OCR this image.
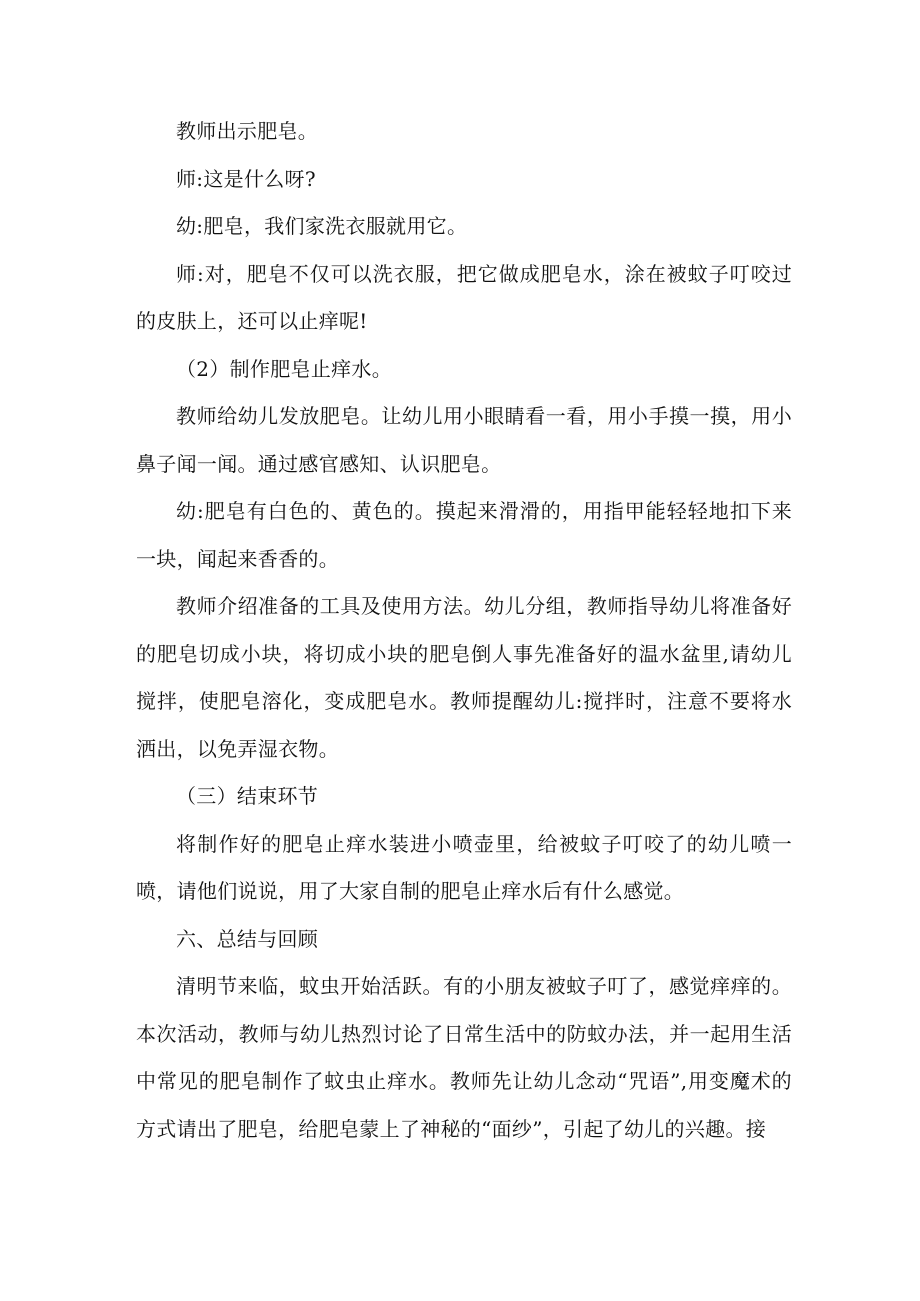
教师出示肥皂。

师:这是什么呀?

幼:肥皂，我们家洗衣服就用它。

师:对，肥皂不仅可以洗衣服，把它做成肥皂水，涂在被蚊子叮咬过的皮肤上，还可以止痒呢!

（2）制作肥皂止痒水。

教师给幼儿发放肥皂。让幼儿用小眼睛看一看，用小手摸一摸，用小鼻子闻一闻。通过感官感知、认识肥皂。

幼:肥皂有白色的、黄色的。摸起来滑滑的，用指甲能轻轻地扣下来一块，闻起来香香的。

教师介绍准备的工具及使用方法。幼儿分组，教师指导幼儿将准备好的肥皂切成小块，将切成小块的肥皂倒人事先准备好的温水盆里,请幼儿搅拌，使肥皂溶化，变成肥皂水。教师提醒幼儿:搅拌时，注意不要将水洒出，以免弄湿衣物。

（三）结束环节

将制作好的肥皂止痒水装进小喷壶里，给被蚊子叮咬了的幼儿喷一喷，请他们说说，用了大家自制的肥皂止痒水后有什么感觉。

六、总结与回顾

清明节来临，蚊虫开始活跃。有的小朋友被蚊子叮了，感觉痒痒的。本次活动，教师与幼儿热烈讨论了日常生活中的防蚊办法，并一起用生活中常见的肥皂制作了蚊虫止痒水。教师先让幼儿念动“咒语”,用变魔术的方式请出了肥皂，给肥皂蒙上了神秘的“面纱”，引起了幼儿的兴趣。接
